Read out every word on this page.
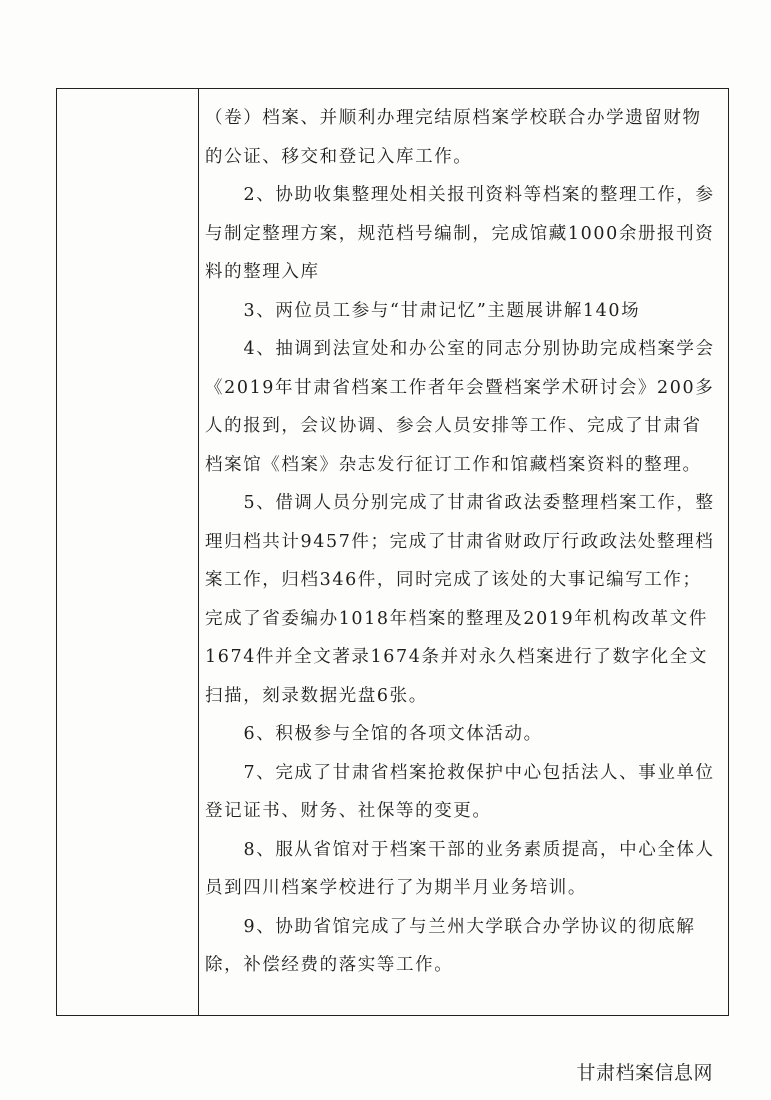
（卷）档案、并顺利办理完结原档案学校联合办学遗留财物的公证、移交和登记入库工作。

2、协助收集整理处相关报刊资料等档案的整理工作，参与制定整理方案，规范档号编制，完成馆藏1000余册报刊资料的整理入库

3、两位员工参与“甘肃记忆”主题展讲解140场

4、抽调到法宣处和办公室的同志分别协助完成档案学会《2019年甘肃省档案工作者年会暨档案学术研讨会》200多人的报到，会议协调、参会人员安排等工作、完成了甘肃省档案馆《档案》杂志发行征订工作和馆藏档案资料的整理。

5、借调人员分别完成了甘肃省政法委整理档案工作，整理归档共计9457件；完成了甘肃省财政厅行政政法处整理档案工作，归档346件，同时完成了该处的大事记编写工作；完成了省委编办1018年档案的整理及2019年机构改革文件1674件并全文著录1674条并对永久档案进行了数字化全文扫描，刻录数据光盘6张。

6、积极参与全馆的各项文体活动。

7、完成了甘肃省档案抢救保护中心包括法人、事业单位登记证书、财务、社保等的变更。

8、服从省馆对于档案干部的业务素质提高，中心全体人员到四川档案学校进行了为期半月业务培训。

9、协助省馆完成了与兰州大学联合办学协议的彻底解除，补偿经费的落实等工作。

甘肃档案信息网
